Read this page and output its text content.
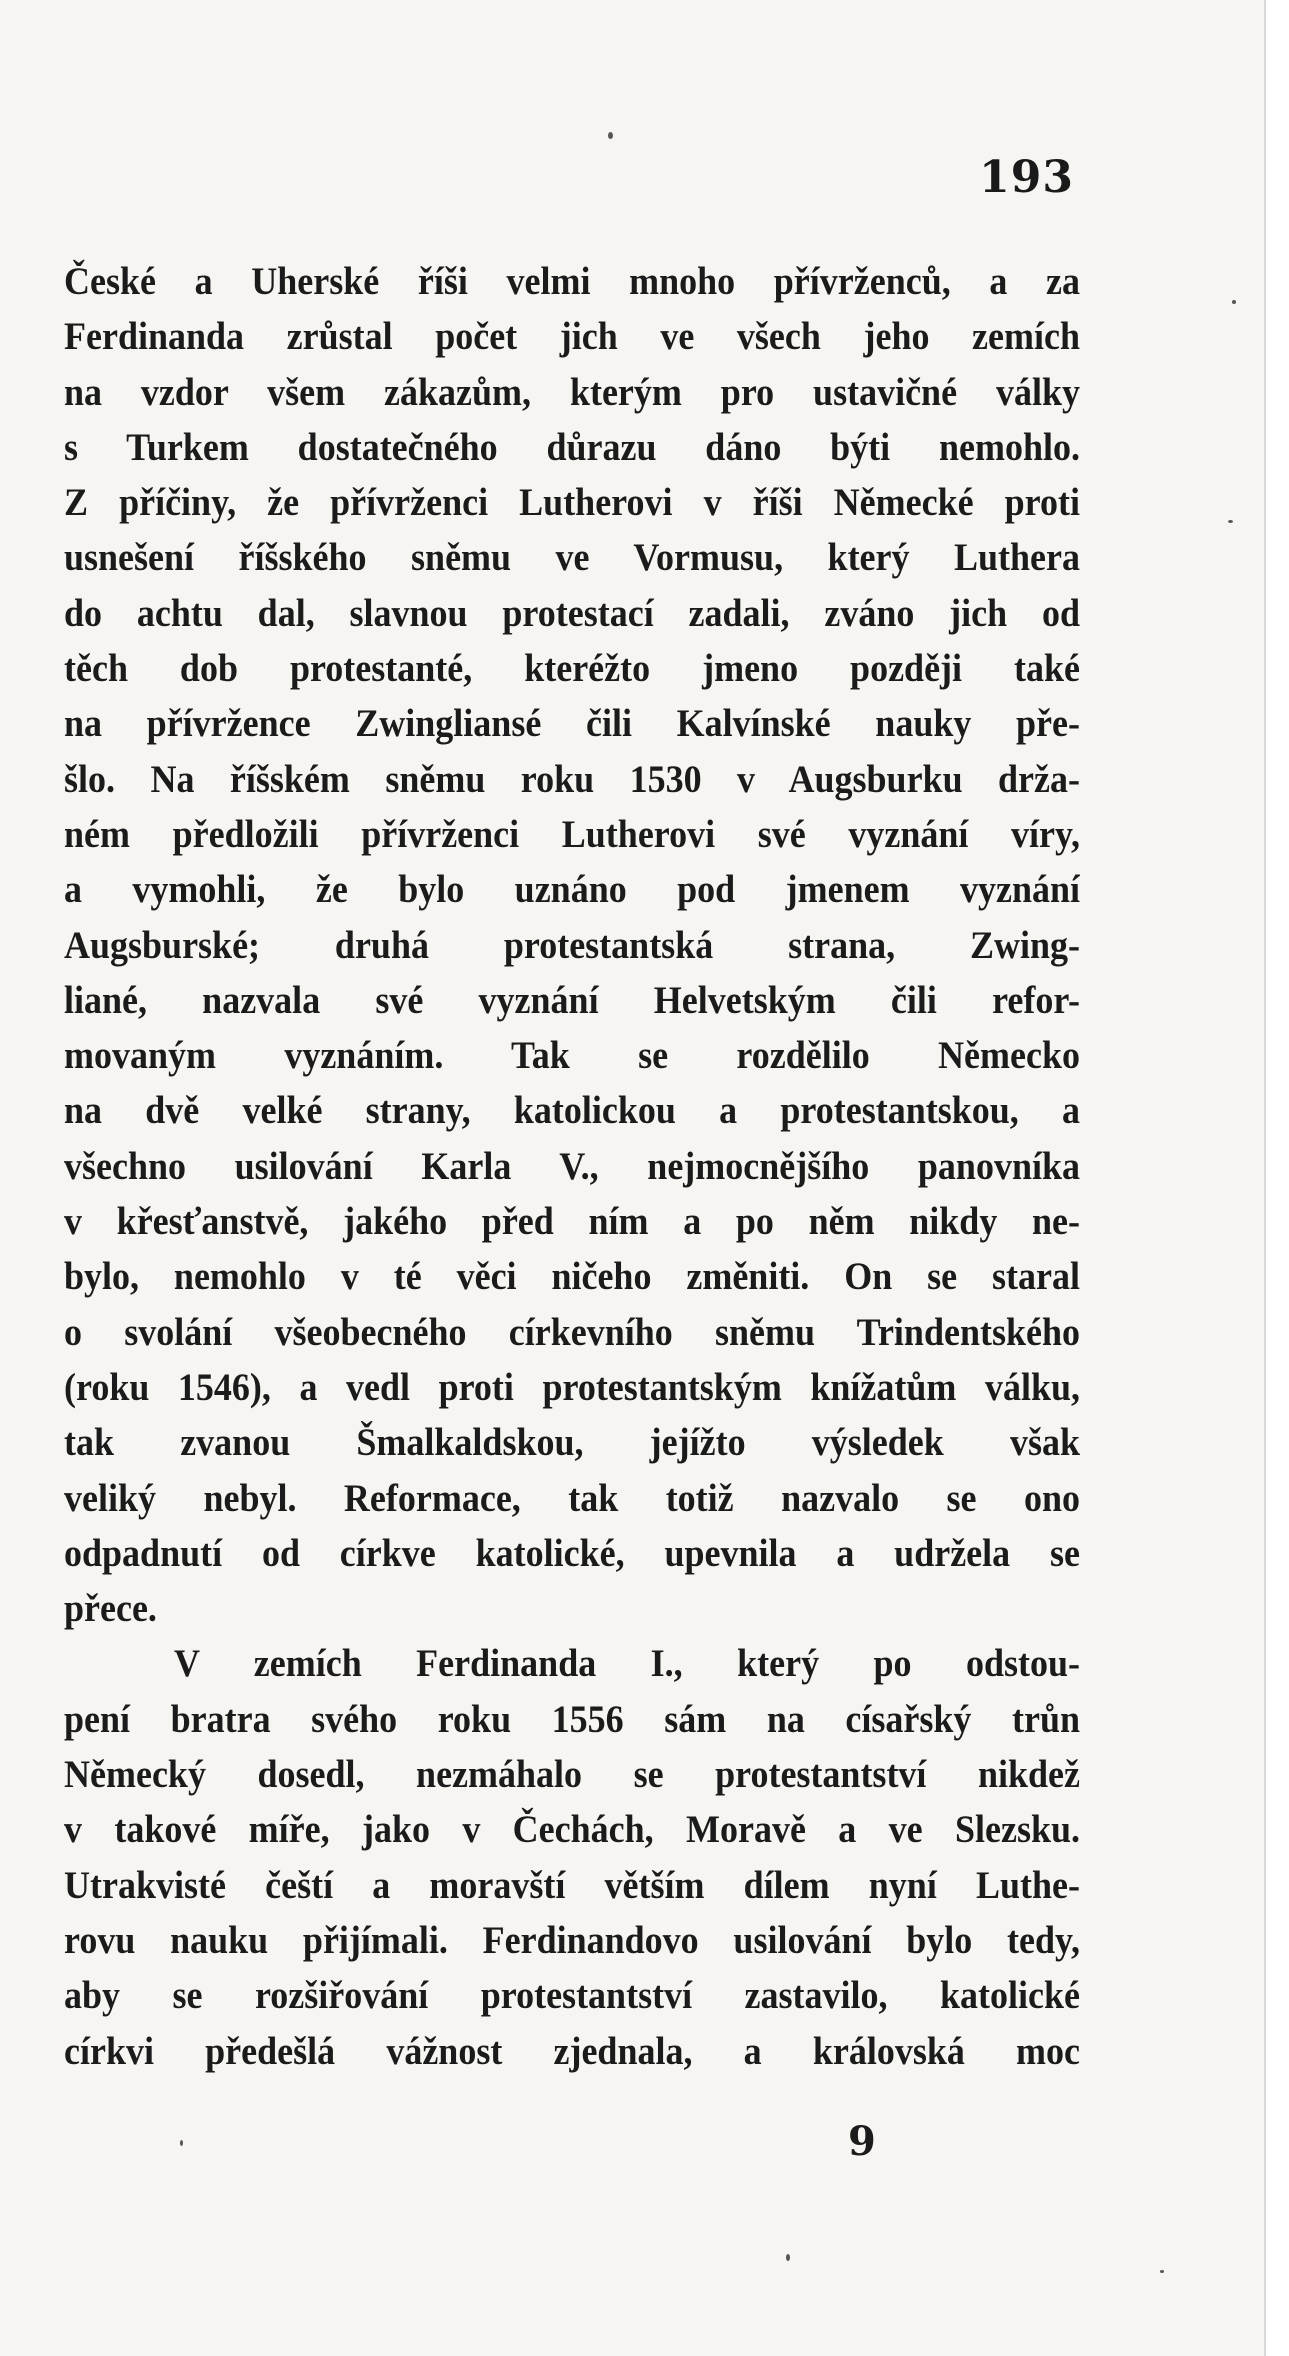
193
České a Uherské říši velmi mnoho přívrženců, a za
Ferdinanda zrůstal počet jich ve všech jeho zemích
na vzdor všem zákazům, kterým pro ustavičné války
s Turkem dostatečného důrazu dáno býti nemohlo.
Z příčiny, že přívrženci Lutherovi v říši Německé proti
usnešení říšského sněmu ve Vormusu, který Luthera
do achtu dal, slavnou protestací zadali, zváno jich od
těch dob protestanté, kteréžto jmeno později také
na přívržence Zwingliansé čili Kalvínské nauky pře-
šlo. Na říšském sněmu roku 1530 v Augsburku drža-
ném předložili přívrženci Lutherovi své vyznání víry,
a vymohli, že bylo uznáno pod jmenem vyznání
Augsburské; druhá protestantská strana, Zwing-
liané, nazvala své vyznání Helvetským čili refor-
movaným vyznáním. Tak se rozdělilo Německo
na dvě velké strany, katolickou a protestantskou, a
všechno usilování Karla V., nejmocnějšího panovníka
v křesťanstvě, jakého před ním a po něm nikdy ne-
bylo, nemohlo v té věci ničeho změniti. On se staral
o svolání všeobecného církevního sněmu Trindentského
(roku 1546), a vedl proti protestantským knížatům válku,
tak zvanou Šmalkaldskou, jejížto výsledek však
veliký nebyl. Reformace, tak totiž nazvalo se ono
odpadnutí od církve katolické, upevnila a udržela se
přece.
V zemích Ferdinanda I., který po odstou-
pení bratra svého roku 1556 sám na císařský trůn
Německý dosedl, nezmáhalo se protestantství nikdež
v takové míře, jako v Čechách, Moravě a ve Slezsku.
Utrakvisté čeští a moravští větším dílem nyní Luthe-
rovu nauku přijímali. Ferdinandovo usilování bylo tedy,
aby se rozšiřování protestantství zastavilo, katolické
církvi předešlá vážnost zjednala, a královská moc
9
